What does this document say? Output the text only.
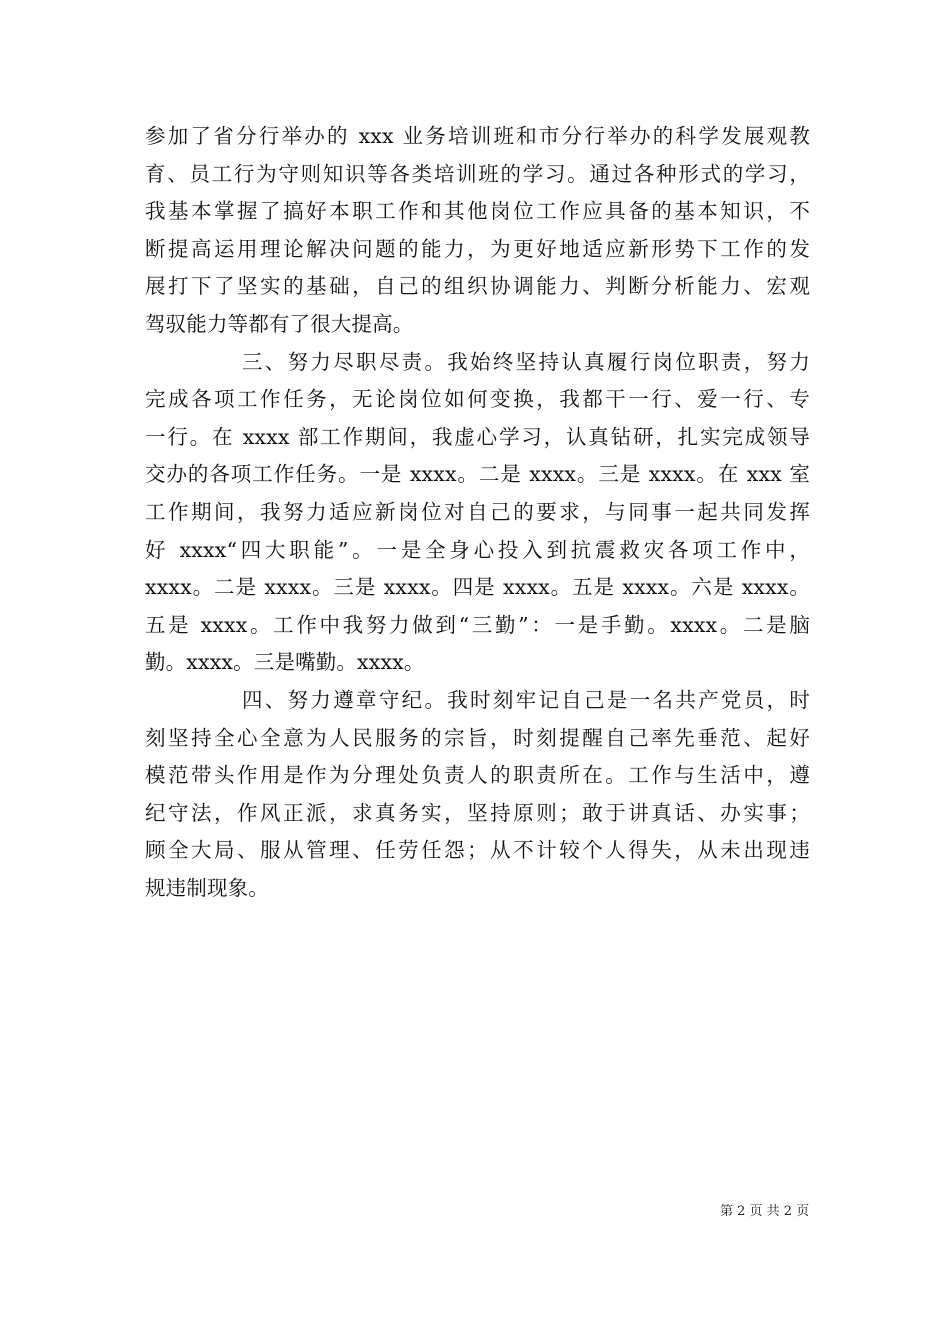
参加了省分行举办的 xxx 业务培训班和市分行举办的科学发展观教
育、员工行为守则知识等各类培训班的学习。通过各种形式的学习，
我基本掌握了搞好本职工作和其他岗位工作应具备的基本知识，不
断提高运用理论解决问题的能力，为更好地适应新形势下工作的发
展打下了坚实的基础，自己的组织协调能力、判断分析能力、宏观
驾驭能力等都有了很大提高。
三、努力尽职尽责。我始终坚持认真履行岗位职责，努力
完成各项工作任务，无论岗位如何变换，我都干一行、爱一行、专
一行。在 xxxx 部工作期间，我虚心学习，认真钻研，扎实完成领导
交办的各项工作任务。一是 xxxx。二是 xxxx。三是 xxxx。在 xxx 室
工作期间，我努力适应新岗位对自己的要求，与同事一起共同发挥
好 xxxx“四大职能”。一是全身心投入到抗震救灾各项工作中，
xxxx。二是 xxxx。三是 xxxx。四是 xxxx。五是 xxxx。六是 xxxx。
五是 xxxx。工作中我努力做到“三勤”：一是手勤。xxxx。二是脑
勤。xxxx。三是嘴勤。xxxx。
四、努力遵章守纪。我时刻牢记自己是一名共产党员，时
刻坚持全心全意为人民服务的宗旨，时刻提醒自己率先垂范、起好
模范带头作用是作为分理处负责人的职责所在。工作与生活中，遵
纪守法，作风正派，求真务实，坚持原则；敢于讲真话、办实事；
顾全大局、服从管理、任劳任怨；从不计较个人得失，从未出现违
规违制现象。
第 2 页 共 2 页
